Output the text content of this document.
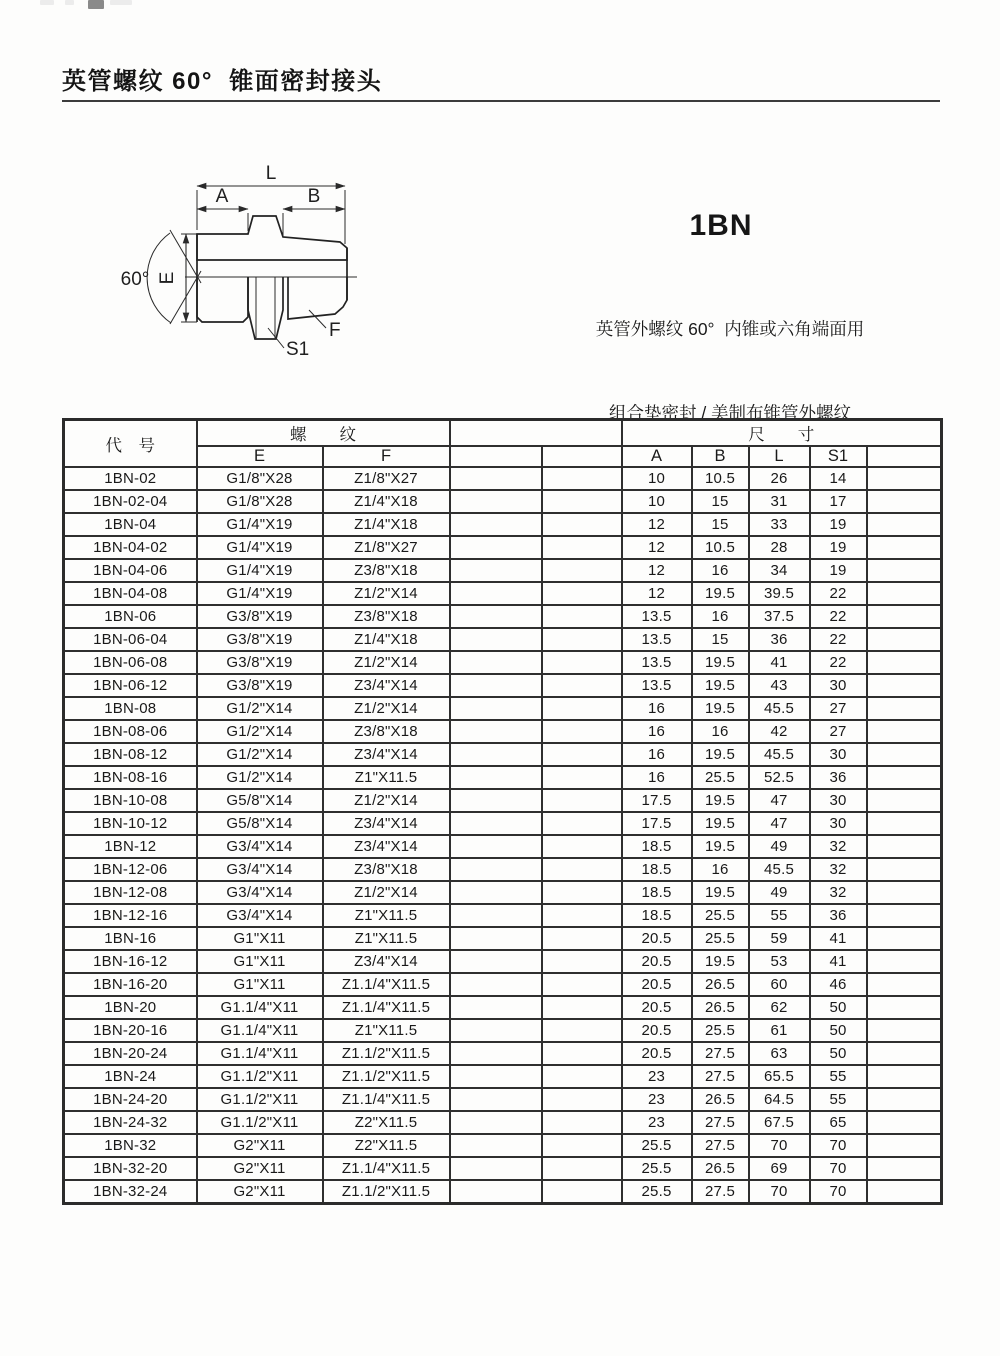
英管螺纹 60°  锥面密封接头
L
A	B
E
60°
F
S1
1BN

英管外螺纹 60°  内锥或六角端面用

组合垫密封 / 美制布锥管外螺纹

代　号	螺　　纹				尺　　寸				
	E	F			A	B	L	S1	
1BN-02	G1/8"X28	Z1/8"X27			10	10.5	26	14	
1BN-02-04	G1/8"X28	Z1/4"X18			10	15	31	17	
1BN-04	G1/4"X19	Z1/4"X18			12	15	33	19	
1BN-04-02	G1/4"X19	Z1/8"X27			12	10.5	28	19	
1BN-04-06	G1/4"X19	Z3/8"X18			12	16	34	19	
1BN-04-08	G1/4"X19	Z1/2"X14			12	19.5	39.5	22	
1BN-06	G3/8"X19	Z3/8"X18			13.5	16	37.5	22	
1BN-06-04	G3/8"X19	Z1/4"X18			13.5	15	36	22	
1BN-06-08	G3/8"X19	Z1/2"X14			13.5	19.5	41	22	
1BN-06-12	G3/8"X19	Z3/4"X14			13.5	19.5	43	30	
1BN-08	G1/2"X14	Z1/2"X14			16	19.5	45.5	27	
1BN-08-06	G1/2"X14	Z3/8"X18			16	16	42	27	
1BN-08-12	G1/2"X14	Z3/4"X14			16	19.5	45.5	30	
1BN-08-16	G1/2"X14	Z1"X11.5			16	25.5	52.5	36	
1BN-10-08	G5/8"X14	Z1/2"X14			17.5	19.5	47	30	
1BN-10-12	G5/8"X14	Z3/4"X14			17.5	19.5	47	30	
1BN-12	G3/4"X14	Z3/4"X14			18.5	19.5	49	32	
1BN-12-06	G3/4"X14	Z3/8"X18			18.5	16	45.5	32	
1BN-12-08	G3/4"X14	Z1/2"X14			18.5	19.5	49	32	
1BN-12-16	G3/4"X14	Z1"X11.5			18.5	25.5	55	36	
1BN-16	G1"X11	Z1"X11.5			20.5	25.5	59	41	
1BN-16-12	G1"X11	Z3/4"X14			20.5	19.5	53	41	
1BN-16-20	G1"X11	Z1.1/4"X11.5			20.5	26.5	60	46	
1BN-20	G1.1/4"X11	Z1.1/4"X11.5			20.5	26.5	62	50	
1BN-20-16	G1.1/4"X11	Z1"X11.5			20.5	25.5	61	50	
1BN-20-24	G1.1/4"X11	Z1.1/2"X11.5			20.5	27.5	63	50	
1BN-24	G1.1/2"X11	Z1.1/2"X11.5			23	27.5	65.5	55	
1BN-24-20	G1.1/2"X11	Z1.1/4"X11.5			23	26.5	64.5	55	
1BN-24-32	G1.1/2"X11	Z2"X11.5			23	27.5	67.5	65	
1BN-32	G2"X11	Z2"X11.5			25.5	27.5	70	70	
1BN-32-20	G2"X11	Z1.1/4"X11.5			25.5	26.5	69	70	
1BN-32-24	G2"X11	Z1.1/2"X11.5			25.5	27.5	70	70	
